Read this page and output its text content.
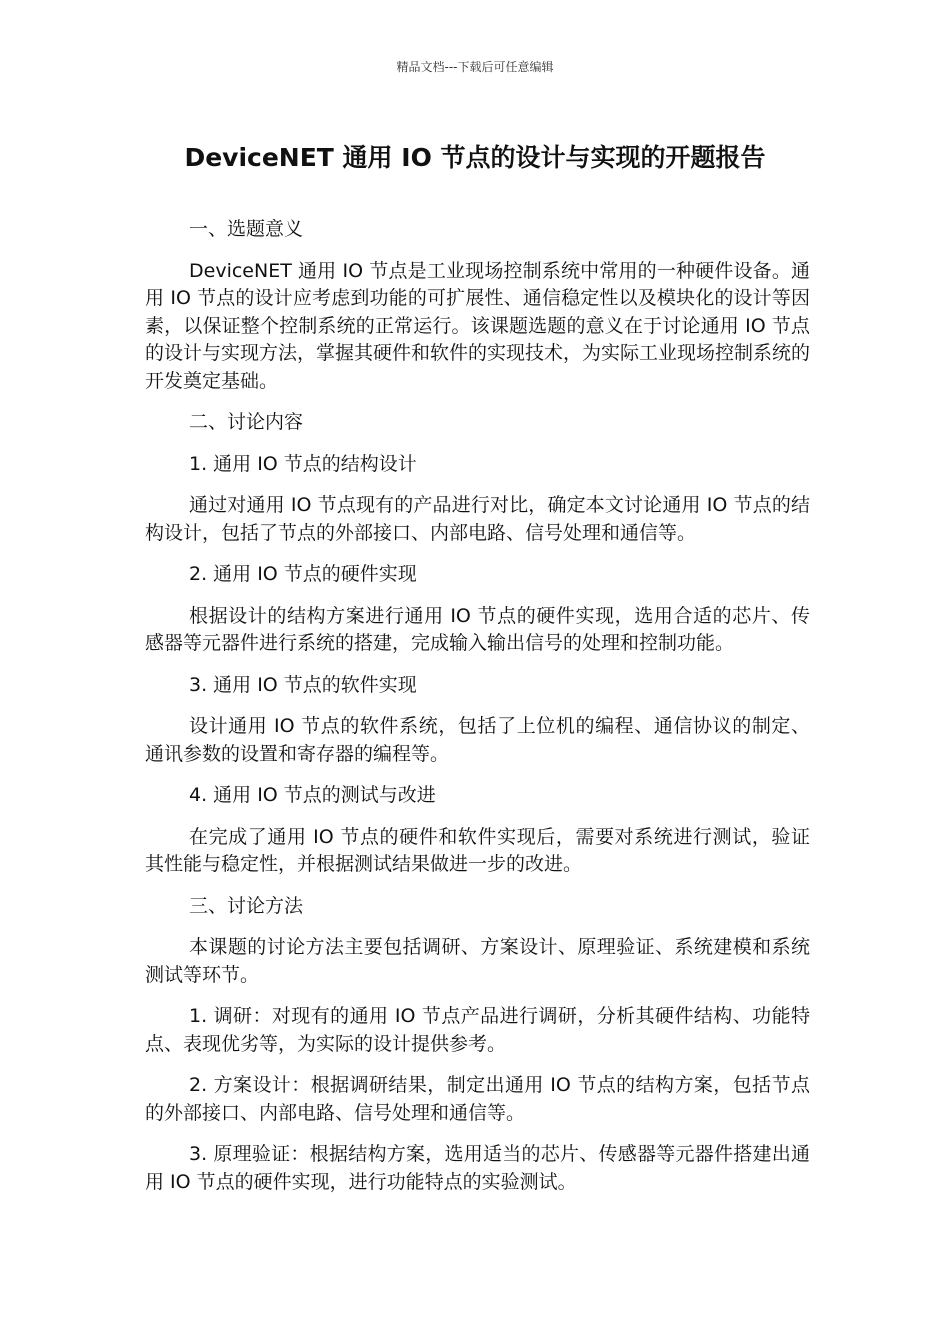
精品文档---下载后可任意编辑
DeviceNET 通用 IO 节点的设计与实现的开题报告

一、选题意义

DeviceNET 通用 IO 节点是工业现场控制系统中常用的一种硬件设备。通用 IO 节点的设计应考虑到功能的可扩展性、通信稳定性以及模块化的设计等因素，以保证整个控制系统的正常运行。该课题选题的意义在于讨论通用 IO 节点的设计与实现方法，掌握其硬件和软件的实现技术，为实际工业现场控制系统的开发奠定基础。

二、讨论内容

1. 通用 IO 节点的结构设计

通过对通用 IO 节点现有的产品进行对比，确定本文讨论通用 IO 节点的结构设计，包括了节点的外部接口、内部电路、信号处理和通信等。

2. 通用 IO 节点的硬件实现

根据设计的结构方案进行通用 IO 节点的硬件实现，选用合适的芯片、传感器等元器件进行系统的搭建，完成输入输出信号的处理和控制功能。

3. 通用 IO 节点的软件实现

设计通用 IO 节点的软件系统，包括了上位机的编程、通信协议的制定、通讯参数的设置和寄存器的编程等。

4. 通用 IO 节点的测试与改进

在完成了通用 IO 节点的硬件和软件实现后，需要对系统进行测试，验证其性能与稳定性，并根据测试结果做进一步的改进。

三、讨论方法

本课题的讨论方法主要包括调研、方案设计、原理验证、系统建模和系统测试等环节。

1. 调研：对现有的通用 IO 节点产品进行调研，分析其硬件结构、功能特点、表现优劣等，为实际的设计提供参考。

2. 方案设计：根据调研结果，制定出通用 IO 节点的结构方案，包括节点的外部接口、内部电路、信号处理和通信等。

3. 原理验证：根据结构方案，选用适当的芯片、传感器等元器件搭建出通用 IO 节点的硬件实现，进行功能特点的实验测试。
